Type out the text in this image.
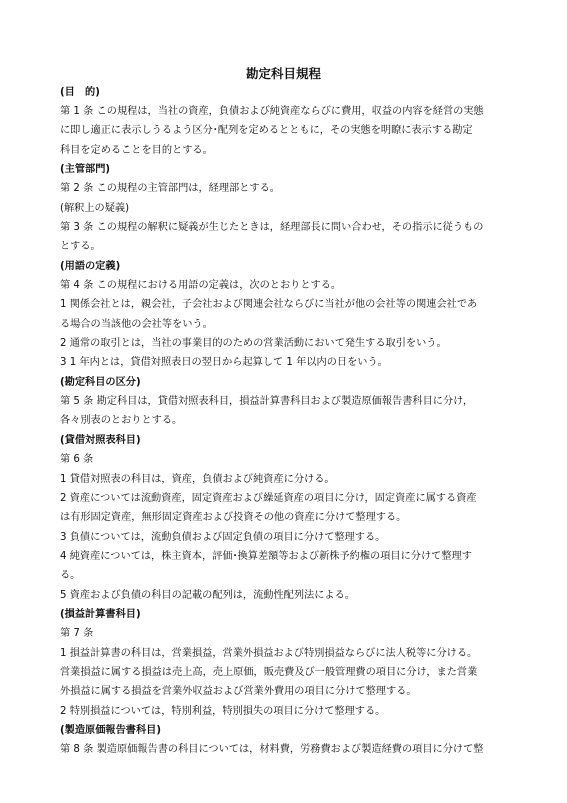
勘定科目規程
(目　的)
第 1 条 この規程は，当社の資産，負債および純資産ならびに費用，収益の内容を経営の実態
に即し適正に表示しうるよう区分･配列を定めるとともに，その実態を明瞭に表示する勘定
科目を定めることを目的とする。
(主管部門)
第 2 条 この規程の主管部門は，経理部とする。
(解釈上の疑義)
第 3 条 この規程の解釈に疑義が生じたときは，経理部長に問い合わせ，その指示に従うもの
とする。
(用語の定義)
第 4 条 この規程における用語の定義は，次のとおりとする。
1 関係会社とは，親会社，子会社および関連会社ならびに当社が他の会社等の関連会社であ
る場合の当該他の会社等をいう。
2 通常の取引とは，当社の事業目的のための営業活動において発生する取引をいう。
3 1 年内とは，貸借対照表日の翌日から起算して 1 年以内の日をいう。
(勘定科目の区分)
第 5 条 勘定科目は，貸借対照表科目，損益計算書科目および製造原価報告書科目に分け，
各々別表のとおりとする。
(貸借対照表科目)
第 6 条
1 貸借対照表の科目は，資産，負債および純資産に分ける。
2 資産については流動資産，固定資産および繰延資産の項目に分け，固定資産に属する資産
は有形固定資産，無形固定資産および投資その他の資産に分けて整理する。
3 負債については，流動負債および固定負債の項目に分けて整理する。
4 純資産については，株主資本，評価･換算差額等および新株予約権の項目に分けて整理す
る。
5 資産および負債の科目の記載の配列は，流動性配列法による。
(損益計算書科目)
第 7 条
1 損益計算書の科目は，営業損益，営業外損益および特別損益ならびに法人税等に分ける。
営業損益に属する損益は売上高，売上原価，販売費及び一般管理費の項目に分け，また営業
外損益に属する損益を営業外収益および営業外費用の項目に分けて整理する。
2 特別損益については，特別利益，特別損失の項目に分けて整理する。
(製造原価報告書科目)
第 8 条 製造原価報告書の科目については，材料費，労務費および製造経費の項目に分けて整
